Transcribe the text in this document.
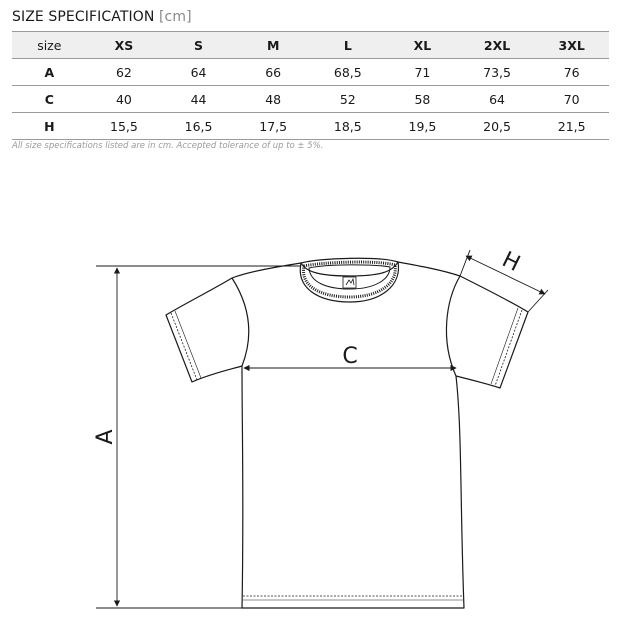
SIZE SPECIFICATION [cm]
size	XS	S	M	L	XL	2XL	3XL
A	62	64	66	68,5	71	73,5	76
C	40	44	48	52	58	64	70
H	15,5	16,5	17,5	18,5	19,5	20,5	21,5
All size specifications listed are in cm. Accepted tolerance of up to ± 5%.
A
C
H
